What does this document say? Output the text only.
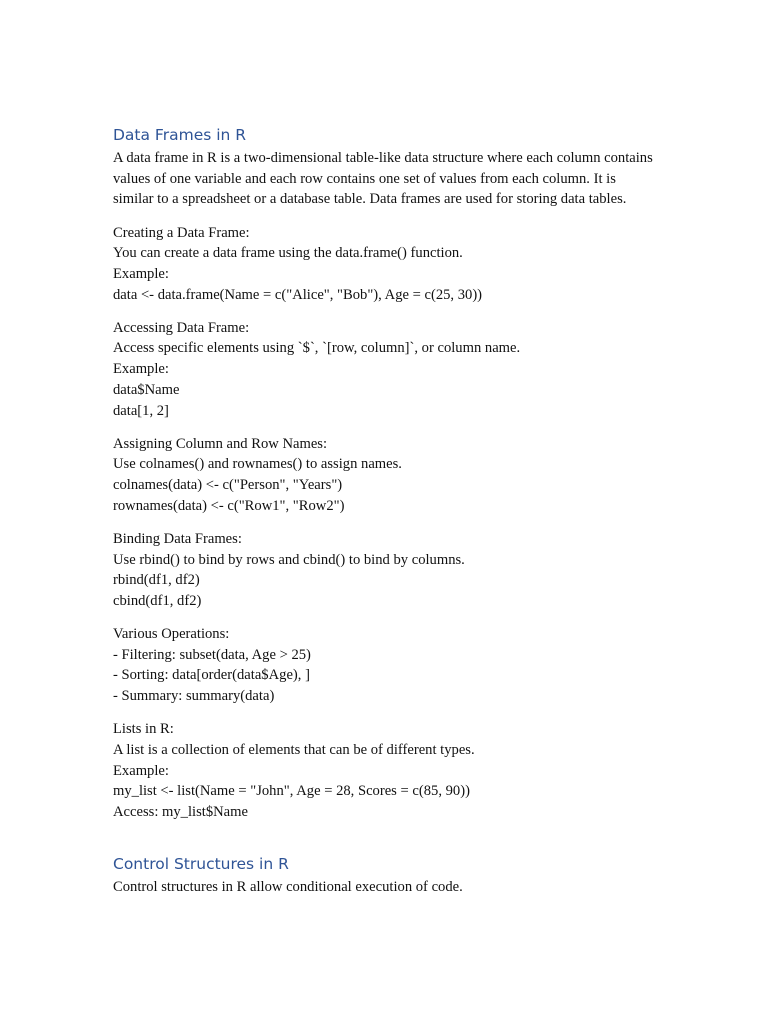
Data Frames in R

A data frame in R is a two-dimensional table-like data structure where each column contains values of one variable and each row contains one set of values from each column. It is similar to a spreadsheet or a database table. Data frames are used for storing data tables.

Creating a Data Frame:
You can create a data frame using the data.frame() function.
Example:
data <- data.frame(Name = c("Alice", "Bob"), Age = c(25, 30))
Accessing Data Frame:
Access specific elements using `$`, `[row, column]`, or column name.
Example:
data$Name
data[1, 2]
Assigning Column and Row Names:
Use colnames() and rownames() to assign names.
colnames(data) <- c("Person", "Years")
rownames(data) <- c("Row1", "Row2")
Binding Data Frames:
Use rbind() to bind by rows and cbind() to bind by columns.
rbind(df1, df2)
cbind(df1, df2)
Various Operations:
- Filtering: subset(data, Age > 25)
- Sorting: data[order(data$Age), ]
- Summary: summary(data)
Lists in R:
A list is a collection of elements that can be of different types.
Example:
my_list <- list(Name = "John", Age = 28, Scores = c(85, 90))
Access: my_list$Name
Control Structures in R

Control structures in R allow conditional execution of code.
